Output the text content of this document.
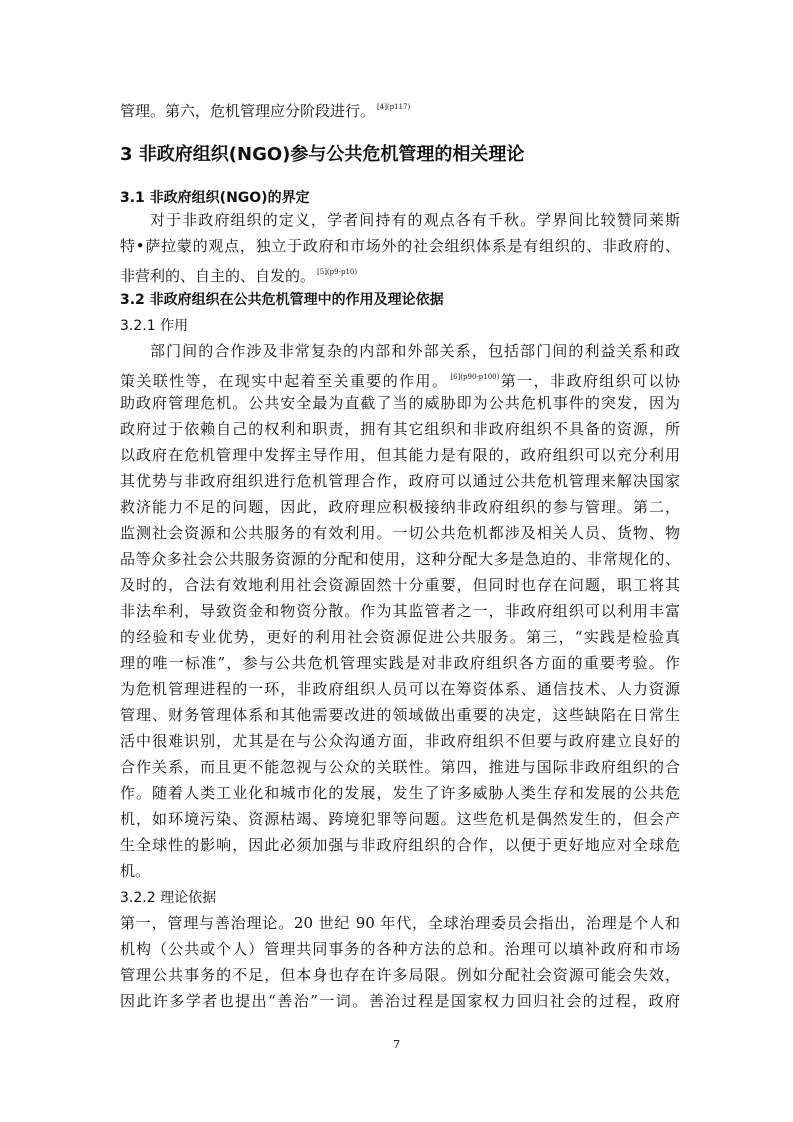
管理。第六，危机管理应分阶段进行。 $^{[4](p117)}$
3 非政府组织(NGO)参与公共危机管理的相关理论
3.1 非政府组织(NGO)的界定
对于非政府组织的定义，学者间持有的观点各有千秋。学界间比较赞同莱斯
特•萨拉蒙的观点，独立于政府和市场外的社会组织体系是有组织的、非政府的、
非营利的、自主的、自发的。 $^{[5](p9-p10)}$
3.2 非政府组织在公共危机管理中的作用及理论依据
3.2.1 作用
部门间的合作涉及非常复杂的内部和外部关系，包括部门间的利益关系和政
策关联性等，在现实中起着至关重要的作用。 $^{[6](p90-p100)}$第一，非政府组织可以协
助政府管理危机。公共安全最为直截了当的威胁即为公共危机事件的突发，因为
政府过于依赖自己的权利和职责，拥有其它组织和非政府组织不具备的资源，所
以政府在危机管理中发挥主导作用，但其能力是有限的，政府组织可以充分利用
其优势与非政府组织进行危机管理合作，政府可以通过公共危机管理来解决国家
救济能力不足的问题，因此，政府理应积极接纳非政府组织的参与管理。第二，
监测社会资源和公共服务的有效利用。一切公共危机都涉及相关人员、货物、物
品等众多社会公共服务资源的分配和使用，这种分配大多是急迫的、非常规化的、
及时的，合法有效地利用社会资源固然十分重要，但同时也存在问题，职工将其
非法牟利，导致资金和物资分散。作为其监管者之一，非政府组织可以利用丰富
的经验和专业优势，更好的利用社会资源促进公共服务。第三，“实践是检验真
理的唯一标准”，参与公共危机管理实践是对非政府组织各方面的重要考验。作
为危机管理进程的一环，非政府组织人员可以在筹资体系、通信技术、人力资源
管理、财务管理体系和其他需要改进的领域做出重要的决定，这些缺陷在日常生
活中很难识别，尤其是在与公众沟通方面，非政府组织不但要与政府建立良好的
合作关系，而且更不能忽视与公众的关联性。第四，推进与国际非政府组织的合
作。随着人类工业化和城市化的发展，发生了许多威胁人类生存和发展的公共危
机，如环境污染、资源枯竭、跨境犯罪等问题。这些危机是偶然发生的，但会产
生全球性的影响，因此必须加强与非政府组织的合作，以便于更好地应对全球危
机。
3.2.2 理论依据
第一，管理与善治理论。20 世纪 90 年代，全球治理委员会指出，治理是个人和
机构（公共或个人）管理共同事务的各种方法的总和。治理可以填补政府和市场
管理公共事务的不足，但本身也存在许多局限。例如分配社会资源可能会失效，
因此许多学者也提出“善治”一词。善治过程是国家权力回归社会的过程，政府
7
